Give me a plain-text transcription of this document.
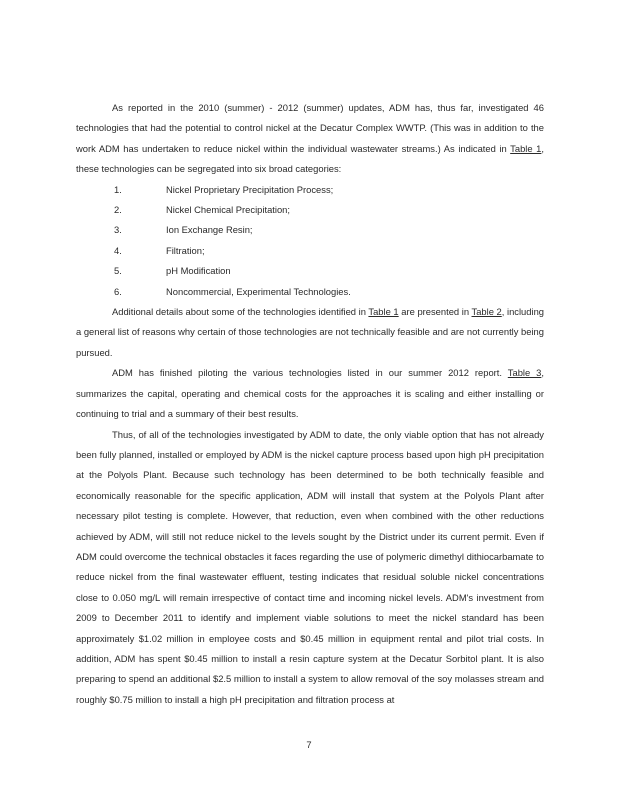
As reported in the 2010 (summer) - 2012 (summer) updates, ADM has, thus far, investigated 46 technologies that had the potential to control nickel at the Decatur Complex WWTP. (This was in addition to the work ADM has undertaken to reduce nickel within the individual wastewater streams.) As indicated in Table 1, these technologies can be segregated into six broad categories:

1.	Nickel Proprietary Precipitation Process;
2.	Nickel Chemical Precipitation;
3.	Ion Exchange Resin;
4.	Filtration;
5.	pH Modification
6.	Noncommercial, Experimental Technologies.

Additional details about some of the technologies identified in Table 1 are presented in Table 2, including a general list of reasons why certain of those technologies are not technically feasible and are not currently being pursued.

ADM has finished piloting the various technologies listed in our summer 2012 report. Table 3, summarizes the capital, operating and chemical costs for the approaches it is scaling and either installing or continuing to trial and a summary of their best results.

Thus, of all of the technologies investigated by ADM to date, the only viable option that has not already been fully planned, installed or employed by ADM is the nickel capture process based upon high pH precipitation at the Polyols Plant. Because such technology has been determined to be both technically feasible and economically reasonable for the specific application, ADM will install that system at the Polyols Plant after necessary pilot testing is complete. However, that reduction, even when combined with the other reductions achieved by ADM, will still not reduce nickel to the levels sought by the District under its current permit. Even if ADM could overcome the technical obstacles it faces regarding the use of polymeric dimethyl dithiocarbamate to reduce nickel from the final wastewater effluent, testing indicates that residual soluble nickel concentrations close to 0.050 mg/L will remain irrespective of contact time and incoming nickel levels. ADM's investment from 2009 to December 2011 to identify and implement viable solutions to meet the nickel standard has been approximately $1.02 million in employee costs and $0.45 million in equipment rental and pilot trial costs. In addition, ADM has spent $0.45 million to install a resin capture system at the Decatur Sorbitol plant. It is also preparing to spend an additional $2.5 million to install a system to allow removal of the soy molasses stream and roughly $0.75 million to install a high pH precipitation and filtration process at

7
